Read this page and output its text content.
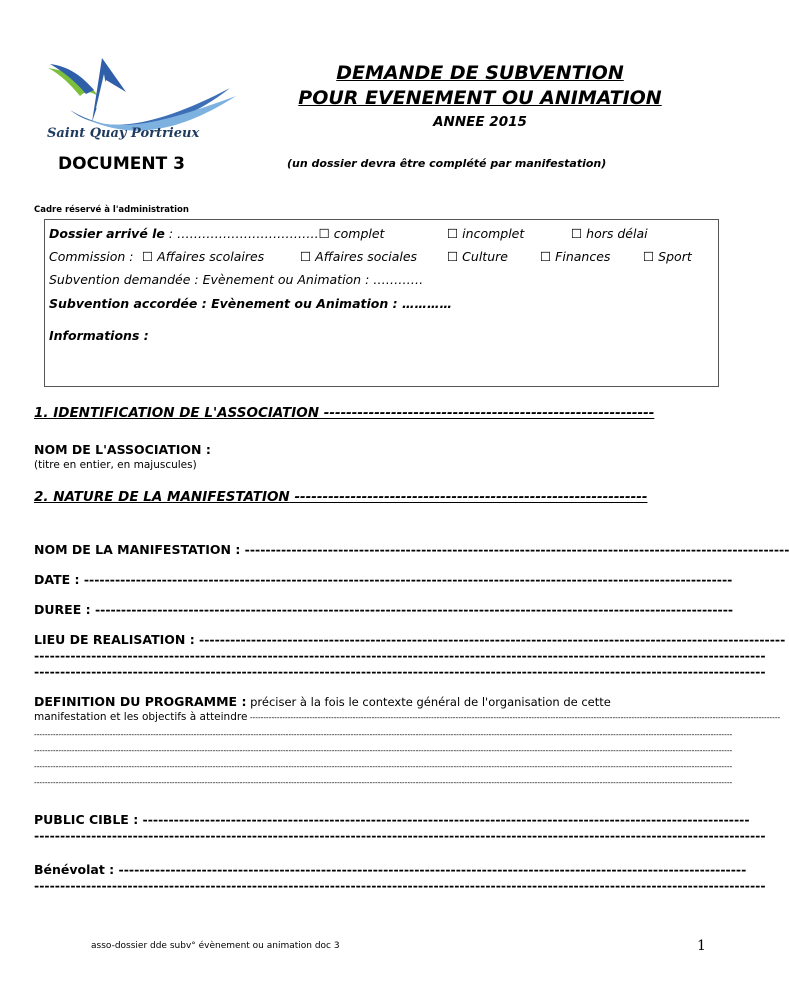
Saint Quay Portrieux
DEMANDE DE SUBVENTION
POUR EVENEMENT OU ANIMATION
ANNEE 2015
DOCUMENT 3	(un dossier devra être complété par manifestation)
Cadre réservé à l'administration
Dossier arrivé le : …………………………….☐ complet	☐ incomplet	☐ hors délai
Commission : ☐ Affaires scolaires	☐ Affaires sociales ☐ Culture	☐ Finances	☐ Sport
Subvention demandée : Evènement ou Animation : …………
Subvention accordée : Evènement ou Animation : …………
Informations :
1. IDENTIFICATION DE L'ASSOCIATION -----------------------------------------------------------
NOM DE L'ASSOCIATION :
(titre en entier, en majuscules)
2. NATURE DE LA MANIFESTATION ---------------------------------------------------------------
NOM DE LA MANIFESTATION : ---------------------------------------------------------------------------------------------------------
DATE : -----------------------------------------------------------------------------------------------------------------------------
DUREE : ---------------------------------------------------------------------------------------------------------------------------
LIEU DE REALISATION : -----------------------------------------------------------------------------------------------------------------
---------------------------------------------------------------------------------------------------------------------------------------------
---------------------------------------------------------------------------------------------------------------------------------------------
DEFINITION DU PROGRAMME : préciser à la fois le contexte général de l'organisation de cette
manifestation et les objectifs à atteindre ----------------------------------------------------------------------------------------------------------------------------------------------------------------------------------------------------
------------------------------------------------------------------------------------------------------------------------------------------------------------------------------------------------------------------------------------------------------------------
------------------------------------------------------------------------------------------------------------------------------------------------------------------------------------------------------------------------------------------------------------------
------------------------------------------------------------------------------------------------------------------------------------------------------------------------------------------------------------------------------------------------------------------
------------------------------------------------------------------------------------------------------------------------------------------------------------------------------------------------------------------------------------------------------------------
PUBLIC CIBLE : ---------------------------------------------------------------------------------------------------------------------
---------------------------------------------------------------------------------------------------------------------------------------------
Bénévolat : -------------------------------------------------------------------------------------------------------------------------
---------------------------------------------------------------------------------------------------------------------------------------------
asso-dossier dde subv° évènement ou animation doc 3	1
